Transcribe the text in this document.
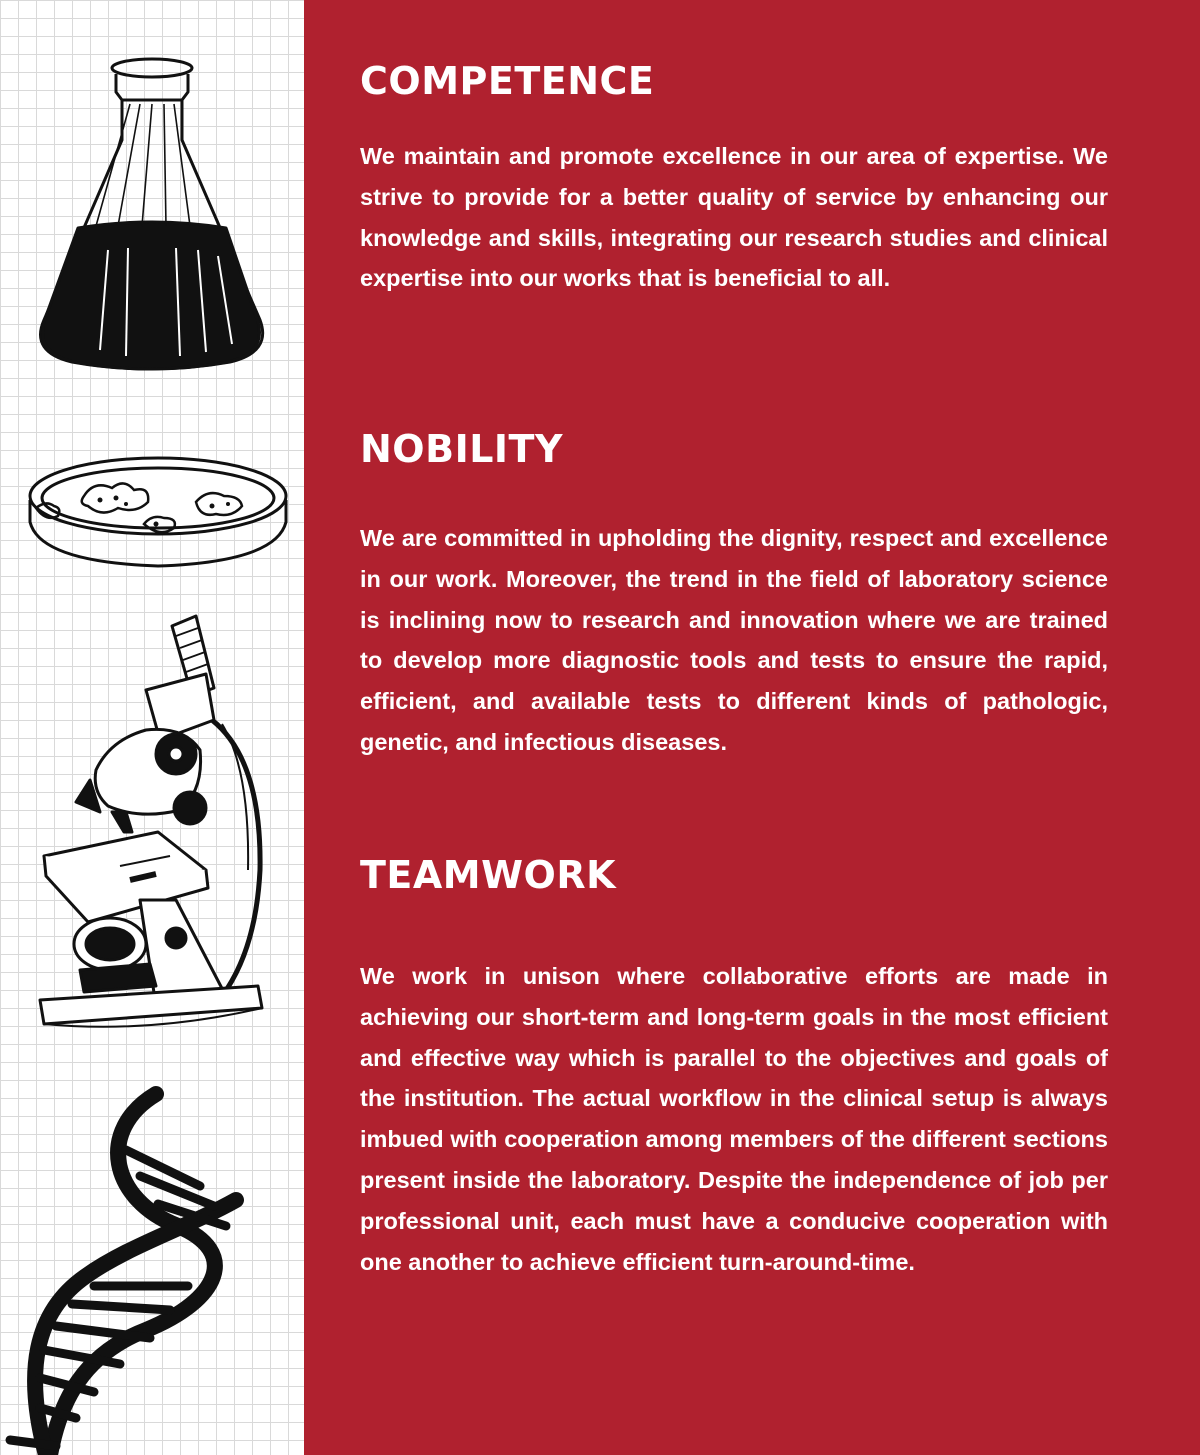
COMPETENCE

We maintain and promote excellence in our area of expertise. We strive to provide for a better quality of service by enhancing our knowledge and skills, integrating our research studies and clinical expertise into our works that is beneficial to all.

NOBILITY

We are committed in upholding the dignity, respect and excellence in our work. Moreover, the trend in the field of laboratory science is inclining now to research and innovation where we are trained to develop more diagnostic tools and tests to ensure the rapid, efficient, and available tests to different kinds of pathologic, genetic, and infectious diseases.

TEAMWORK

We work in unison where collaborative efforts are made in achieving our short-term and long-term goals in the most efficient and effective way which is parallel to the objectives and goals of the institution. The actual workflow in the clinical setup is always imbued with cooperation among members of the different sections present inside the laboratory. Despite the independence of job per professional unit, each must have a conducive cooperation with one another to achieve efficient turn-around-time.
